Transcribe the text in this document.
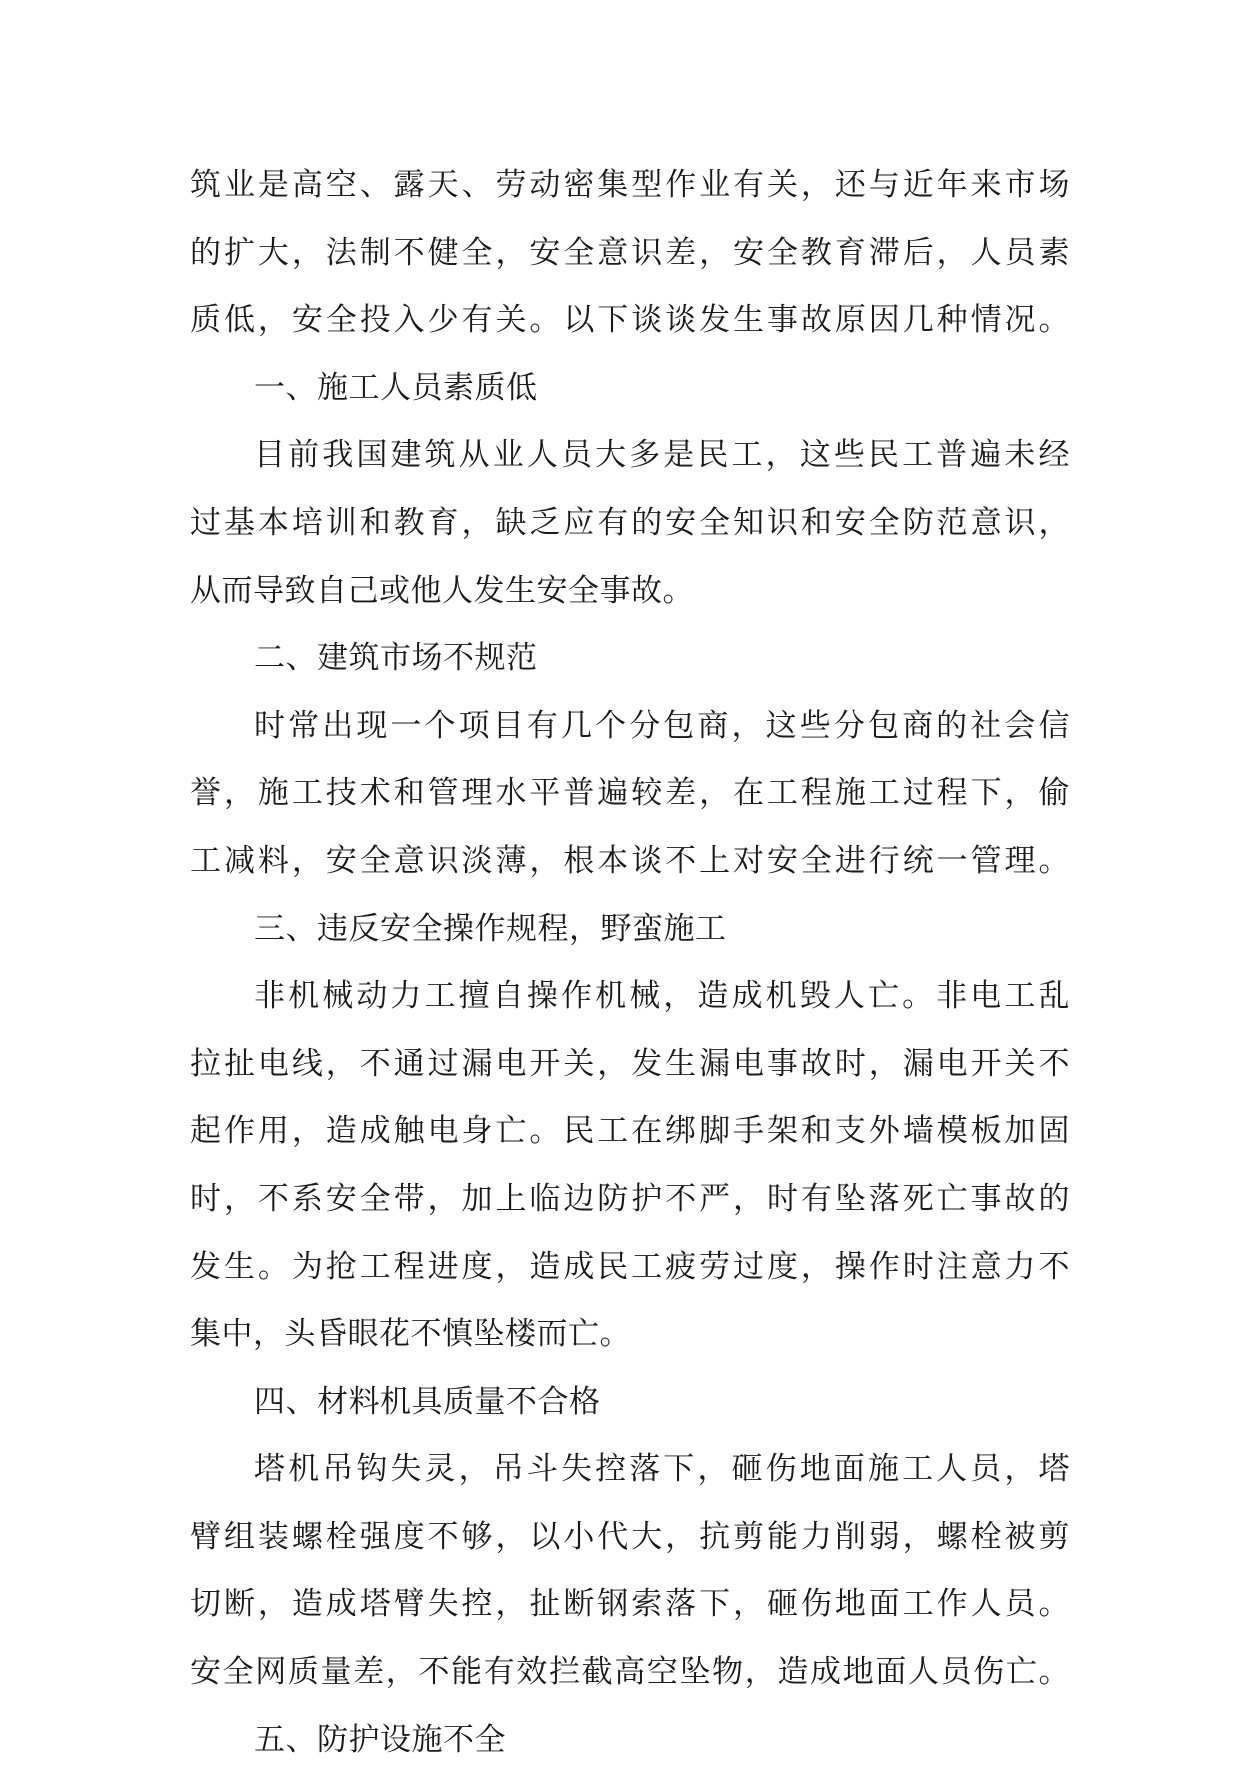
筑业是高空、露天、劳动密集型作业有关，还与近年来市场
的扩大，法制不健全，安全意识差，安全教育滞后，人员素
质低，安全投入少有关。以下谈谈发生事故原因几种情况。
一、施工人员素质低
目前我国建筑从业人员大多是民工，这些民工普遍未经
过基本培训和教育，缺乏应有的安全知识和安全防范意识，
从而导致自己或他人发生安全事故。
二、建筑市场不规范
时常出现一个项目有几个分包商，这些分包商的社会信
誉，施工技术和管理水平普遍较差，在工程施工过程下，偷
工减料，安全意识淡薄，根本谈不上对安全进行统一管理。
三、违反安全操作规程，野蛮施工
非机械动力工擅自操作机械，造成机毁人亡。非电工乱
拉扯电线，不通过漏电开关，发生漏电事故时，漏电开关不
起作用，造成触电身亡。民工在绑脚手架和支外墙模板加固
时，不系安全带，加上临边防护不严，时有坠落死亡事故的
发生。为抢工程进度，造成民工疲劳过度，操作时注意力不
集中，头昏眼花不慎坠楼而亡。
四、材料机具质量不合格
塔机吊钩失灵，吊斗失控落下，砸伤地面施工人员，塔
臂组装螺栓强度不够，以小代大，抗剪能力削弱，螺栓被剪
切断，造成塔臂失控，扯断钢索落下，砸伤地面工作人员。
安全网质量差，不能有效拦截高空坠物，造成地面人员伤亡。
五、防护设施不全
